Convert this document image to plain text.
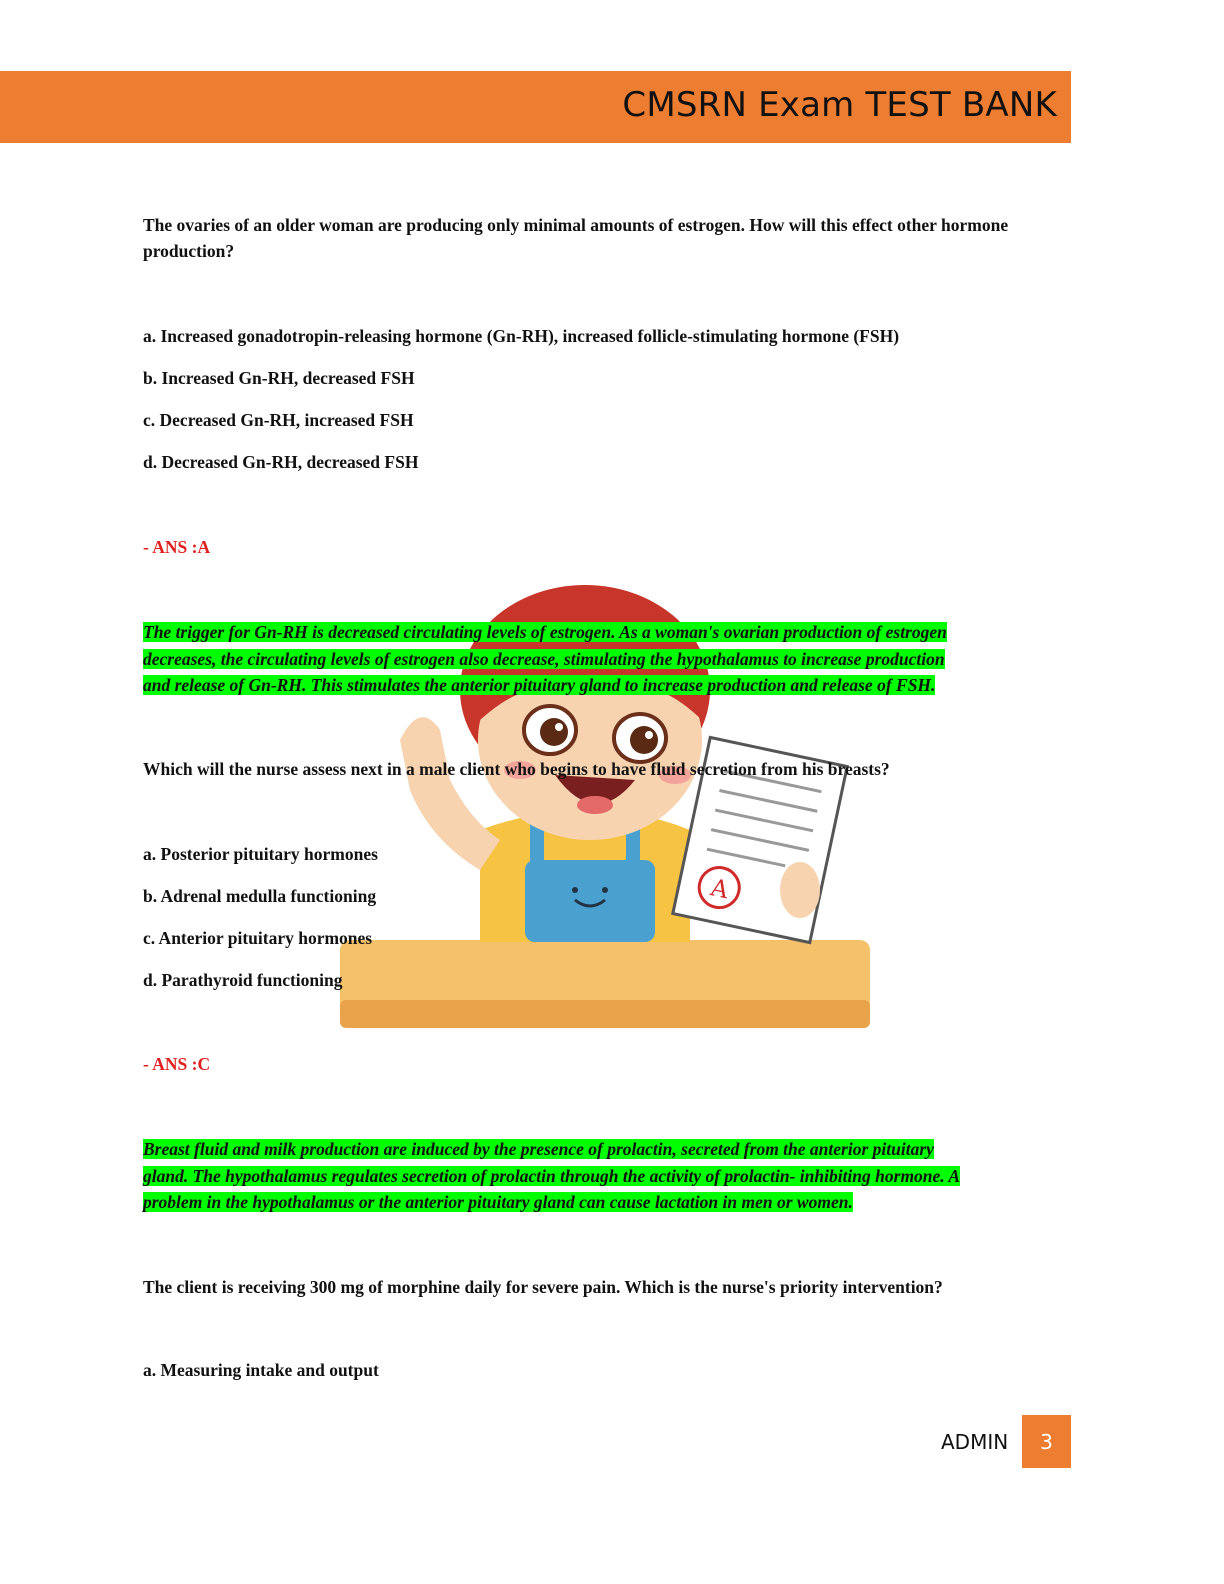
CMSRN Exam TEST BANK
A

The ovaries of an older woman are producing only minimal amounts of estrogen. How will this effect other hormone production?

a. Increased gonadotropin-releasing hormone (Gn-RH), increased follicle-stimulating hormone (FSH)

b. Increased Gn-RH, decreased FSH

c. Decreased Gn-RH, increased FSH

d. Decreased Gn-RH, decreased FSH

- ANS :A

The trigger for Gn-RH is decreased circulating levels of estrogen. As a woman's ovarian production of estrogen
decreases, the circulating levels of estrogen also decrease, stimulating the hypothalamus to increase production
and release of Gn-RH. This stimulates the anterior pituitary gland to increase production and release of FSH.

Which will the nurse assess next in a male client who begins to have fluid secretion from his breasts?

a. Posterior pituitary hormones

b. Adrenal medulla functioning

c. Anterior pituitary hormones

d. Parathyroid functioning

- ANS :C

Breast fluid and milk production are induced by the presence of prolactin, secreted from the anterior pituitary
gland. The hypothalamus regulates secretion of prolactin through the activity of prolactin- inhibiting hormone. A
problem in the hypothalamus or the anterior pituitary gland can cause lactation in men or women.

The client is receiving 300 mg of morphine daily for severe pain. Which is the nurse's priority intervention?

a. Measuring intake and output

ADMIN	3
